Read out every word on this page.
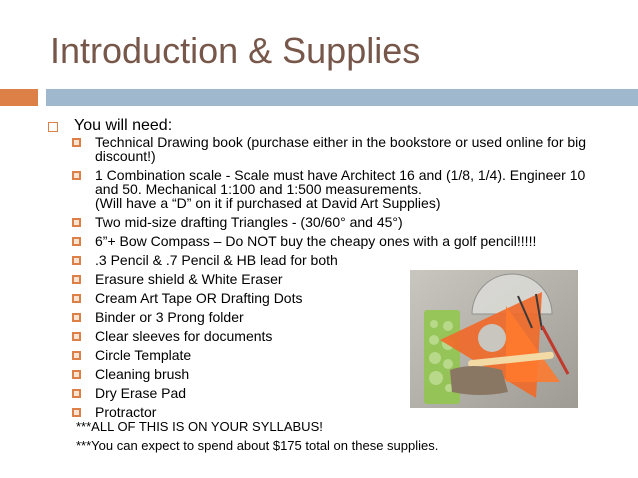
Introduction & Supplies
You will need:
Technical Drawing book (purchase either in the bookstore or used online for big
discount!)
1 Combination scale - Scale must have Architect 16 and (1/8, 1/4). Engineer 10
and 50. Mechanical 1:100 and 1:500 measurements.
(Will have a “D” on it if purchased at David Art Supplies)
Two mid-size drafting Triangles - (30/60° and 45°)
6”+ Bow Compass – Do NOT buy the cheapy ones with a golf pencil!!!!!
.3 Pencil & .7 Pencil & HB lead for both
Erasure shield & White Eraser
Cream Art Tape OR Drafting Dots
Binder or 3 Prong folder
Clear sleeves for documents
Circle Template
Cleaning brush
Dry Erase Pad
Protractor
***ALL OF THIS IS ON YOUR SYLLABUS!
***You can expect to spend about $175 total on these supplies.
